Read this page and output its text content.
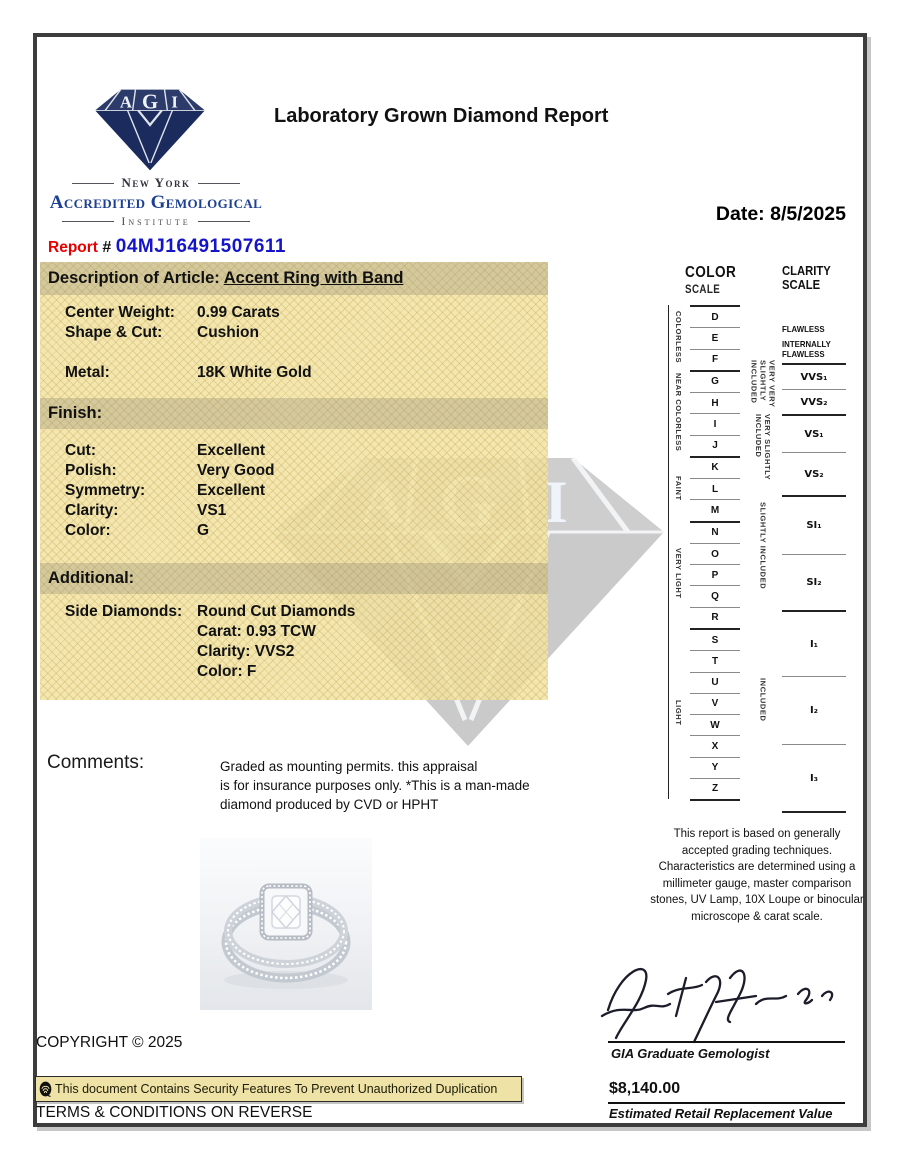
New York
Accredited Gemological
Institute
Laboratory Grown Diamond Report
Date: 8/5/2025
Report # 04MJ16491507611
Description of Article: Accent Ring with Band
Center Weight:	0.99 Carats
Shape & Cut:	Cushion
Metal:	18K White Gold
Finish:
Cut:	Excellent
Polish:	Very Good
Symmetry:	Excellent
Clarity:	VS1
Color:	G
Additional:
Side Diamonds: Round Cut Diamonds
Carat: 0.93 TCW
Clarity: VVS2
Color: F
Comments:	Graded as mounting permits. this appraisal
is for insurance purposes only. *This is a man-made
diamond produced by CVD or HPHT
COLOR
SCALE
COLORLESS
NEAR COLORLESS
FAINT
VERY LIGHT
LIGHT
D
E
F
G
H
I
J
K
L
M
N
O
P
Q
R
S
T
U
V
W
X
Y
Z
CLARITY
SCALE
FLAWLESS
INTERNALLY
FLAWLESS
VERY VERY SLIGHTLY INCLUDED
VERY SLIGHTLY INCLUDED
SLIGHTLY INCLUDED
INCLUDED
VVS₁
VVS₂
VS₁
VS₂
SI₁
SI₂
I₁
I₂
I₃
This report is based on generally accepted grading techniques. Characteristics are determined using a millimeter gauge, master comparison stones, UV Lamp, 10X Loupe or binocular microscope & carat scale.
GIA Graduate Gemologist
$8,140.00
Estimated Retail Replacement Value
COPYRIGHT © 2025
This document Contains Security Features To Prevent Unauthorized Duplication
TERMS & CONDITIONS ON REVERSE
